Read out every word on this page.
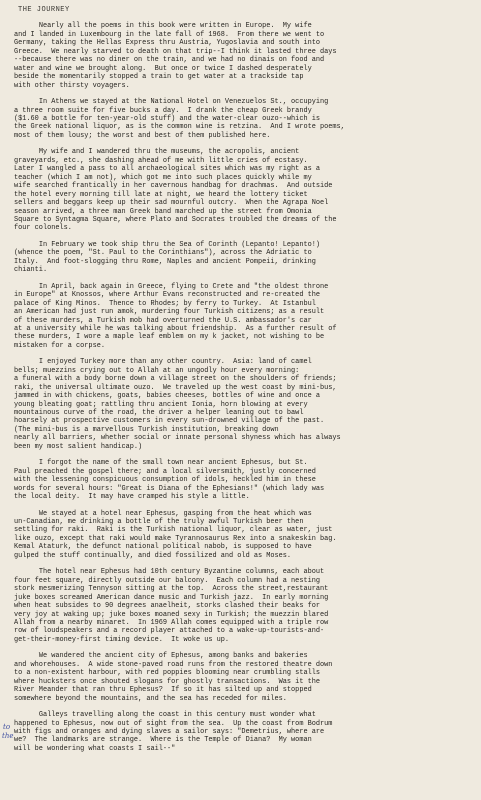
THE JOURNEY
Nearly all the poems in this book were written in Europe.  My wife
and I landed in Luxembourg in the late fall of 1968.  From there we went to
Germany, taking the Hellas Express thru Austria, Yugoslavia and south into
Greece.  We nearly starved to death on that trip--I think it lasted three days
--because there was no diner on the train, and we had no dinais on food and
water and wine we brought along.  But once or twice I dashed desperately
beside the momentarily stopped a train to get water at a trackside tap
with other thirsty voyagers.
In Athens we stayed at the National Hotel on Venezuelos St., occupying
a three room suite for five bucks a day.  I drank the cheap Greek brandy
($1.60 a bottle for ten-year-old stuff) and the water-clear ouzo--which is
the Greek national liquor, as is the common wine is retzina.  And I wrote poems,
most of them lousy; the worst and best of them published here.
My wife and I wandered thru the museums, the acropolis, ancient
graveyards, etc., she dashing ahead of me with little cries of ecstasy.
Later I wangled a pass to all archaeological sites which was my right as a
teacher (which I am not), which got me into such places quickly while my
wife searched frantically in her cavernous handbag for drachmas.  And outside
the hotel every morning till late at night, we heard the lottery ticket
sellers and beggars keep up their sad mournful outcry.  When the Agrapa Noel
season arrived, a three man Greek band marched up the street from Omonia
Square to Syntagma Square, where Plato and Socrates troubled the dreams of the
four colonels.
In February we took ship thru the Sea of Corinth (Lepanto! Lepanto!)
(whence the poem, "St. Paul to the Corinthians"), across the Adriatic to
Italy.  And foot-slogging thru Rome, Naples and ancient Pompeii, drinking
chianti.
In April, back again in Greece, flying to Crete and "the oldest throne
in Europe" at Knossos, where Arthur Evans reconstructed and re-created the
palace of King Minos.  Thence to Rhodes; by ferry to Turkey.  At Istanbul
an American had just run amok, murdering four Turkish citizens; as a result
of these murders, a Turkish mob had overturned the U.S. ambassador's car
at a university while he was talking about friendship.  As a further result of
these murders, I wore a maple leaf emblem on my k jacket, not wishing to be
mistaken for a corpse.
I enjoyed Turkey more than any other country.  Asia: land of camel
bells; muezzins crying out to Allah at an ungodly hour every morning:
a funeral with a body borne down a village street on the shoulders of friends;
raki, the universal ultimate ouzo.  We traveled up the west coast by mini-bus,
jammed in with chickens, goats, babies cheeses, bottles of wine and once a
young bleating goat; rattling thru ancient Ionia, horn blowing at every
mountainous curve of the road, the driver a helper leaning out to bawl
hoarsely at prospective customers in every sun-drowned village of the past.
(The mini-bus is a marvellous Turkish institution, breaking down
nearly all barriers, whether social or innate personal shyness which has always
been my most salient handicap.)
I forgot the name of the small town near ancient Ephesus, but St.
Paul preached the gospel there; and a local silversmith, justly concerned
with the lessening conspicuous consumption of idols, heckled him in these
words for several hours: "Great is Diana of the Ephesians!" (which lady was
the local deity.  It may have cramped his style a little.
We stayed at a hotel near Ephesus, gasping from the heat which was
un-Canadian, me drinking a bottle of the truly awful Turkish beer then
settling for raki.  Raki is the Turkish national liquor, clear as water, just
like ouzo, except that raki would make Tyrannosaurus Rex into a snakeskin bag.
Kemal Ataturk, the defunct national political nabob, is supposed to have
gulped the stuff continually, and died fossilized and old as Moses.
The hotel near Ephesus had 10th century Byzantine columns, each about
four feet square, directly outside our balcony.  Each column had a nesting
stork mesmerizing Tennyson sitting at the top.  Across the street,restaurant
juke boxes screamed American dance music and Turkish jazz.  In early morning
when heat subsides to 90 degrees anaelheit, storks clashed their beaks for
very joy at waking up; juke boxes moaned sexy in Turkish; the muezzin blared
Allah from a nearby minaret.  In 1969 Allah comes equipped with a triple row
row of loudspeakers and a record player attached to a wake-up-tourists-and-
get-their-money-first timing device.  It woke us up.
We wandered the ancient city of Ephesus, among banks and bakeries
and whorehouses.  A wide stone-paved road runs from the restored theatre down
to a non-existent harbour, with red poppies blooming near crumbling stalls
where hucksters once shouted slogans for ghostly transactions.  Was it the
River Meander that ran thru Ephesus?  If so it has silted up and stopped
somewhere beyond the mountains, and the sea has receded for miles.
Galleys travelling along the coast in this century must wonder what
happened to Ephesus, now out of sight from the sea.  Up the coast from Bodrum
with figs and oranges and dying slaves a sailor says: "Demetrius, where are
we?  The landmarks are strange.  Where is the Temple of Diana?  My woman
will be wondering what coasts I sail--"
to
the
